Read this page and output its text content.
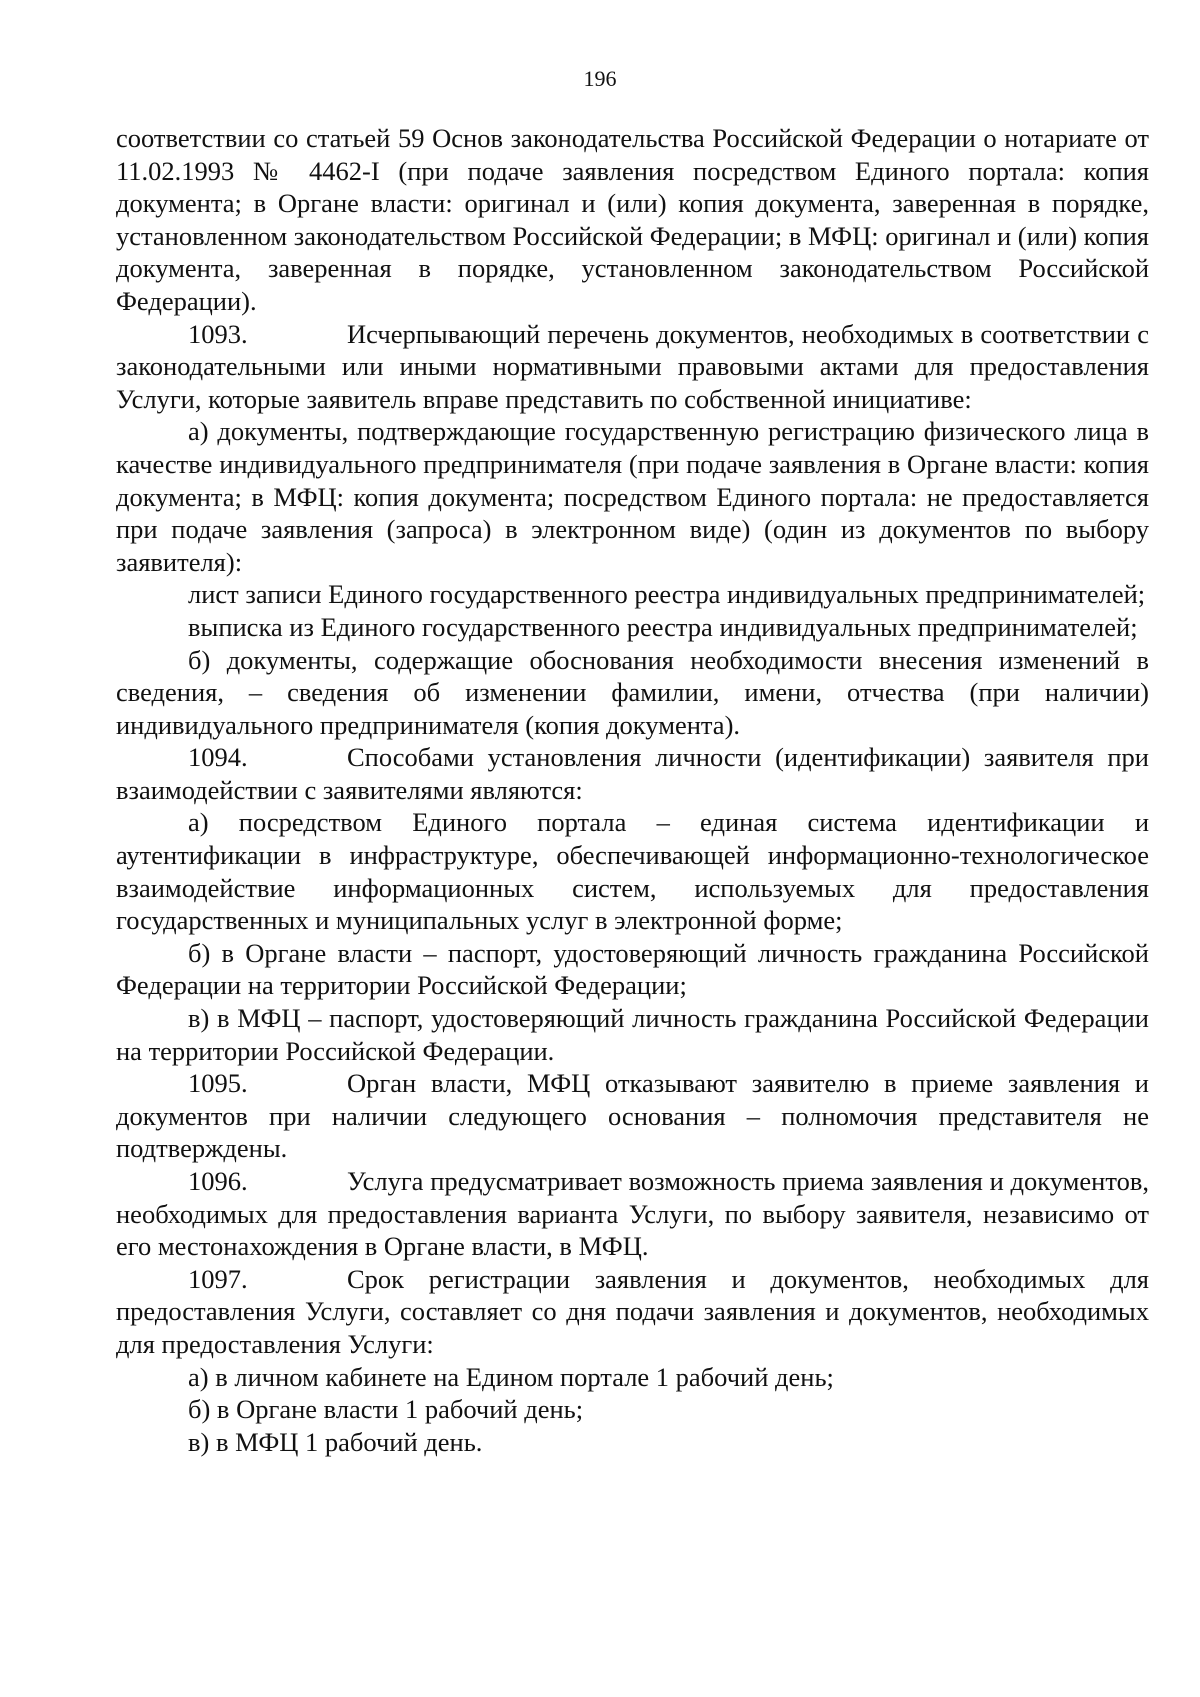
196

соответствии со статьей 59 Основ законодательства Российской Федерации о нотариате от 11.02.1993 № 4462-I (при подаче заявления посредством Единого портала: копия документа; в Органе власти: оригинал и (или) копия документа, заверенная в порядке, установленном законодательством Российской Федерации; в МФЦ: оригинал и (или) копия документа, заверенная в порядке, установленном законодательством Российской Федерации).

1093.	Исчерпывающий перечень документов, необходимых в соответствии с законодательными или иными нормативными правовыми актами для предоставления Услуги, которые заявитель вправе представить по собственной инициативе:

а) документы, подтверждающие государственную регистрацию физического лица в качестве индивидуального предпринимателя (при подаче заявления в Органе власти: копия документа; в МФЦ: копия документа; посредством Единого портала: не предоставляется при подаче заявления (запроса) в электронном виде) (один из документов по выбору заявителя):

лист записи Единого государственного реестра индивидуальных предпринимателей;

выписка из Единого государственного реестра индивидуальных предпринимателей;

б) документы, содержащие обоснования необходимости внесения изменений в сведения, – сведения об изменении фамилии, имени, отчества (при наличии) индивидуального предпринимателя (копия документа).

1094.	Способами установления личности (идентификации) заявителя при взаимодействии с заявителями являются:

а) посредством Единого портала – единая система идентификации и аутентификации в инфраструктуре, обеспечивающей информационно-технологическое взаимодействие информационных систем, используемых для предоставления государственных и муниципальных услуг в электронной форме;

б) в Органе власти – паспорт, удостоверяющий личность гражданина Российской Федерации на территории Российской Федерации;

в) в МФЦ – паспорт, удостоверяющий личность гражданина Российской Федерации на территории Российской Федерации.

1095.	Орган власти, МФЦ отказывают заявителю в приеме заявления и документов при наличии следующего основания – полномочия представителя не подтверждены.

1096.	Услуга предусматривает возможность приема заявления и документов, необходимых для предоставления варианта Услуги, по выбору заявителя, независимо от его местонахождения в Органе власти, в МФЦ.

1097.	Срок регистрации заявления и документов, необходимых для предоставления Услуги, составляет со дня подачи заявления и документов, необходимых для предоставления Услуги:

а) в личном кабинете на Едином портале 1 рабочий день;

б) в Органе власти 1 рабочий день;

в) в МФЦ 1 рабочий день.
